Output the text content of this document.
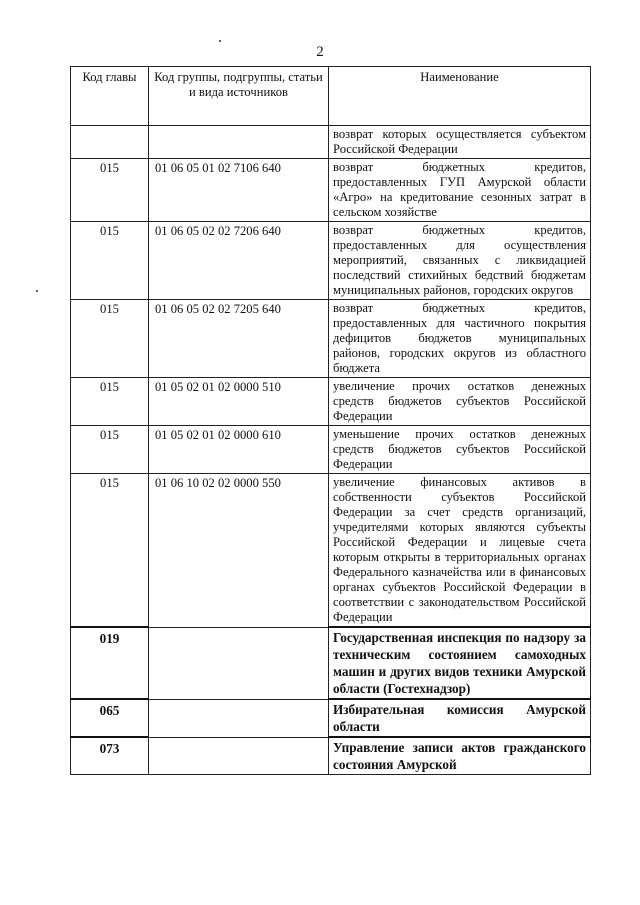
2
Код главы	Код группы, подгруппы, статьи и вида источников	Наименование
		возврат которых осуществляется субъектом Российской Федерации
015	01 06 05 01 02 7106 640	возврат бюджетных кредитов, предоставленных ГУП Амурской области «Агро» на кредитование сезонных затрат в сельском хозяйстве
015	01 06 05 02 02 7206 640	возврат бюджетных кредитов, предоставленных для осуществления мероприятий, связанных с ликвидацией последствий стихийных бедствий бюджетам муниципальных районов, городских округов
015	01 06 05 02 02 7205 640	возврат бюджетных кредитов, предоставленных для частичного покрытия дефицитов бюджетов муниципальных районов, городских округов из областного бюджета
015	01 05 02 01 02 0000 510	увеличение прочих остатков денежных средств бюджетов субъектов Российской Федерации
015	01 05 02 01 02 0000 610	уменьшение прочих остатков денежных средств бюджетов субъектов Российской Федерации
015	01 06 10 02 02 0000 550	увеличение финансовых активов в собственности субъектов Российской Федерации за счет средств организаций, учредителями которых являются субъекты Российской Федерации и лицевые счета которым открыты в территориальных органах Федерального казначейства или в финансовых органах субъектов Российской Федерации в соответствии с законодательством Российской Федерации
019		Государственная инспекция по надзору за техническим состоянием самоходных машин и других видов техники Амурской области (Гостехнадзор)
065		Избирательная комиссия Амурской области
073		Управление записи актов гражданского состояния Амурской
